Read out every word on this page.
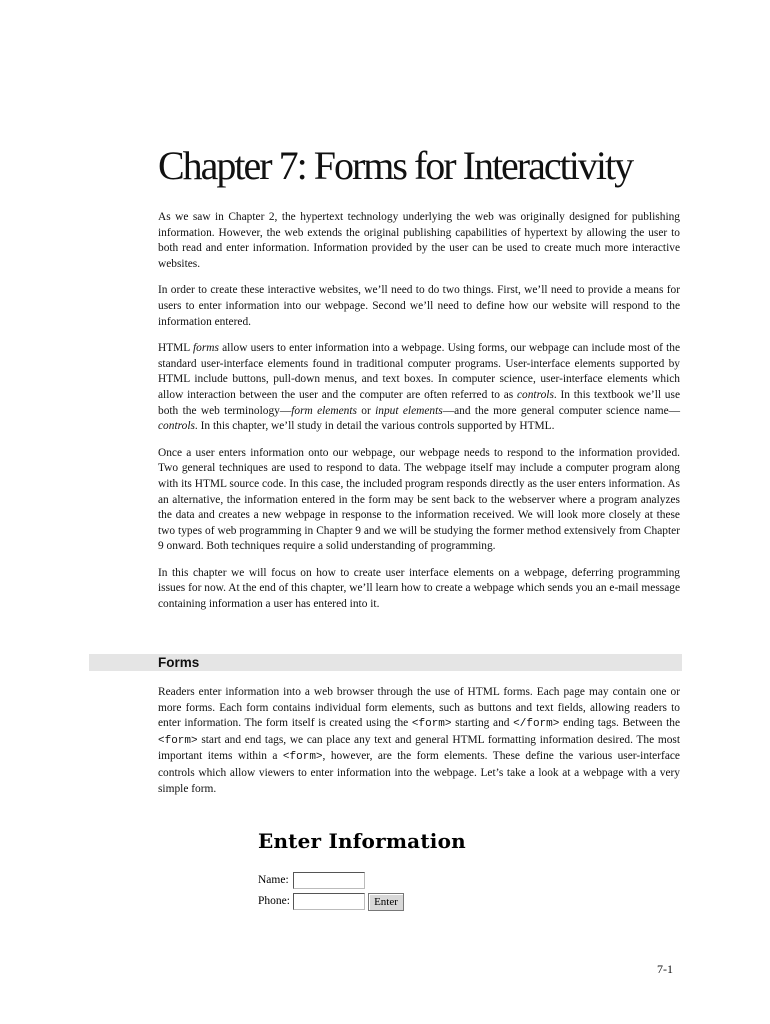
Chapter 7: Forms for Interactivity

As we saw in Chapter 2, the hypertext technology underlying the web was originally designed for publishing information. However, the web extends the original publishing capabilities of hypertext by allowing the user to both read and enter information. Information provided by the user can be used to create much more interactive websites.

In order to create these interactive websites, we’ll need to do two things. First, we’ll need to provide a means for users to enter information into our webpage. Second we’ll need to define how our website will respond to the information entered.

HTML forms allow users to enter information into a webpage. Using forms, our webpage can include most of the standard user-interface elements found in traditional computer programs. User-interface elements supported by HTML include buttons, pull-down menus, and text boxes. In computer science, user-interface elements which allow interaction between the user and the computer are often referred to as controls. In this textbook we’ll use both the web terminology—form elements or input elements—and the more general computer science name—controls. In this chapter, we’ll study in detail the various controls supported by HTML.

Once a user enters information onto our webpage, our webpage needs to respond to the information provided. Two general techniques are used to respond to data. The webpage itself may include a computer program along with its HTML source code. In this case, the included program responds directly as the user enters information. As an alternative, the information entered in the form may be sent back to the webserver where a program analyzes the data and creates a new webpage in response to the information received. We will look more closely at these two types of web programming in Chapter 9 and we will be studying the former method extensively from Chapter 9 onward. Both techniques require a solid understanding of programming.

In this chapter we will focus on how to create user interface elements on a webpage, deferring programming issues for now. At the end of this chapter, we’ll learn how to create a webpage which sends you an e-mail message containing information a user has entered into it.

Forms

Readers enter information into a web browser through the use of HTML forms. Each page may contain one or more forms. Each form contains individual form elements, such as buttons and text fields, allowing readers to enter information. The form itself is created using the <form> starting and </form> ending tags. Between the <form> start and end tags, we can place any text and general HTML formatting information desired. The most important items within a <form>, however, are the form elements. These define the various user-interface controls which allow viewers to enter information into the webpage. Let’s take a look at a webpage with a very simple form.

Enter Information
Name:
Phone:	Enter

7-1
